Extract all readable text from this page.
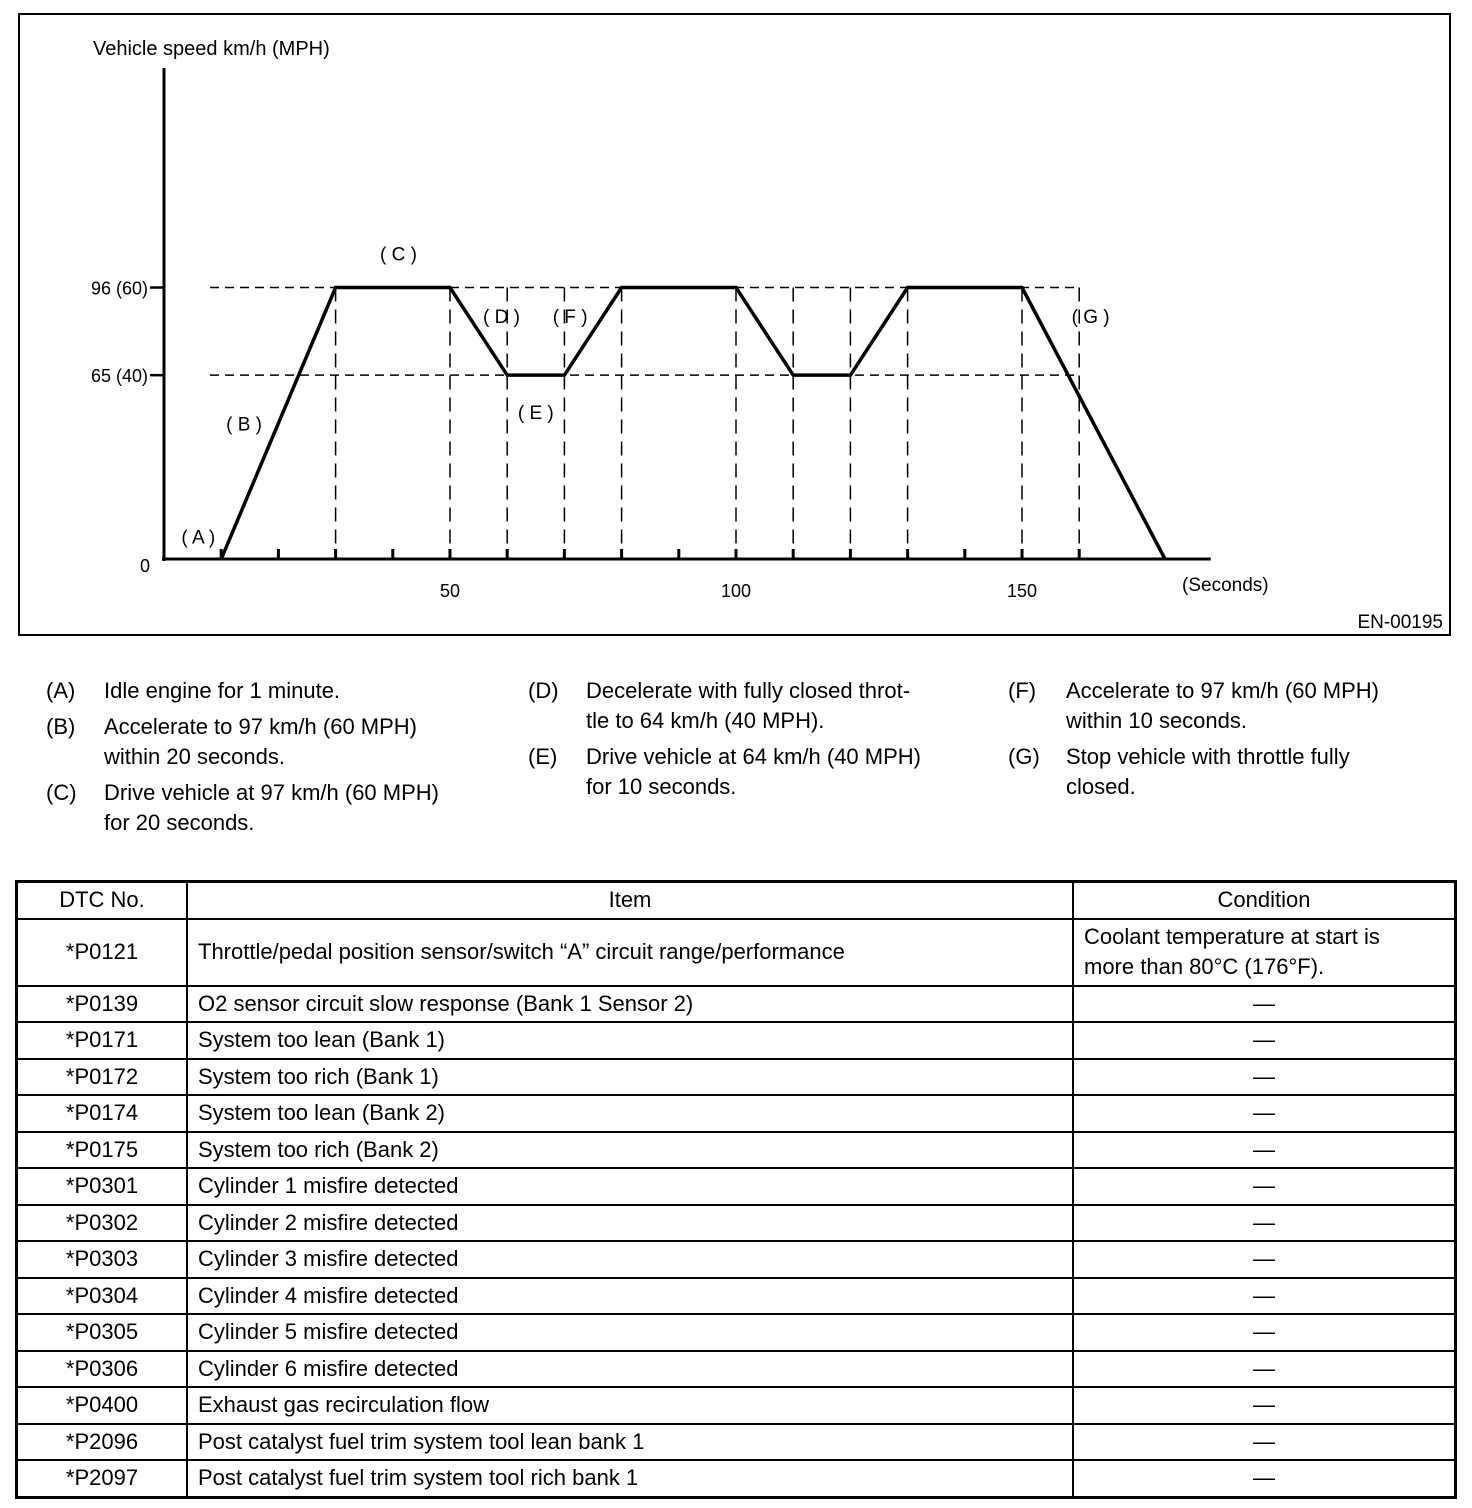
Vehicle speed km/h (MPH)
0
65 (40)
96 (60)
50	100	150	(Seconds)
EN-00195
( A )
( B )
( C )
( D )
( E )
( F )	( G )
(A)	Idle engine for 1 minute.
(B)	Accelerate to 97 km/h (60 MPH)
within 20 seconds.
(C)	Drive vehicle at 97 km/h (60 MPH)
for 20 seconds.
(D)	Decelerate with fully closed throt-
tle to 64 km/h (40 MPH).
(E)	Drive vehicle at 64 km/h (40 MPH)
for 10 seconds.
(F)	Accelerate to 97 km/h (60 MPH)
within 10 seconds.
(G)	Stop vehicle with throttle fully
closed.
DTC No.	Item	Condition
*P0121	Throttle/pedal position sensor/switch “A” circuit range/performance	Coolant temperature at start is
more than 80°C (176°F).
*P0139	O2 sensor circuit slow response (Bank 1 Sensor 2)	—
*P0171	System too lean (Bank 1)	—
*P0172	System too rich (Bank 1)	—
*P0174	System too lean (Bank 2)	—
*P0175	System too rich (Bank 2)	—
*P0301	Cylinder 1 misfire detected	—
*P0302	Cylinder 2 misfire detected	—
*P0303	Cylinder 3 misfire detected	—
*P0304	Cylinder 4 misfire detected	—
*P0305	Cylinder 5 misfire detected	—
*P0306	Cylinder 6 misfire detected	—
*P0400	Exhaust gas recirculation flow	—
*P2096	Post catalyst fuel trim system tool lean bank 1	—
*P2097	Post catalyst fuel trim system tool rich bank 1	—
